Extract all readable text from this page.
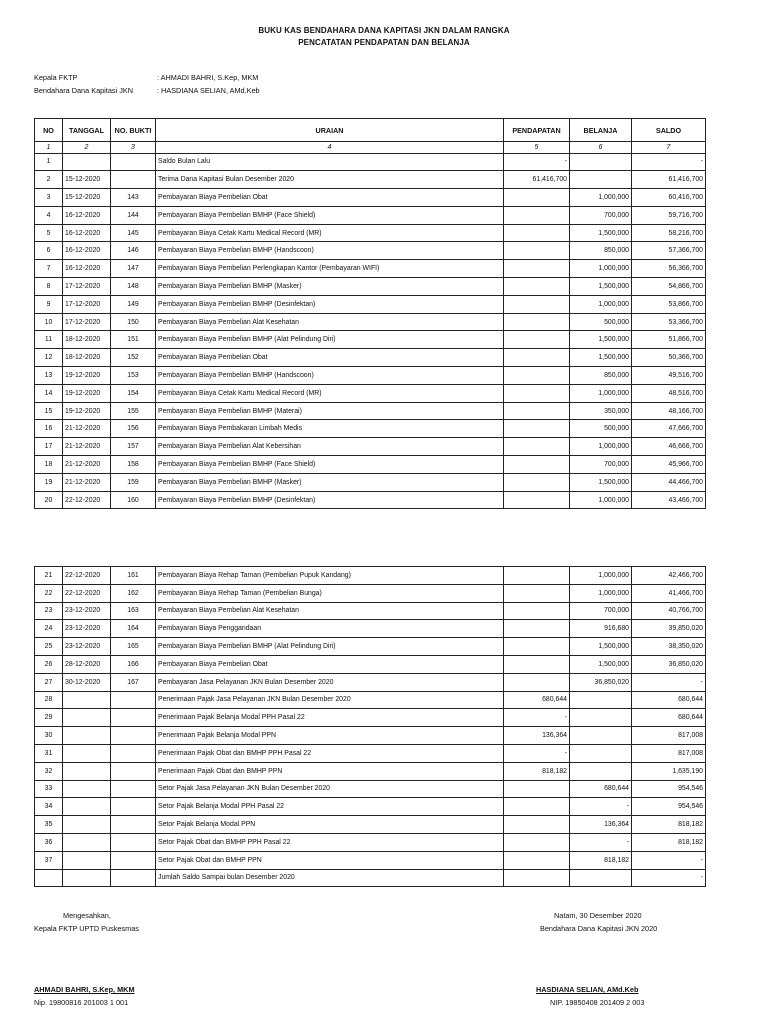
BUKU KAS BENDAHARA DANA KAPITASI JKN DALAM RANGKA
PENCATATAN PENDAPATAN DAN BELANJA
Kepala FKTP	: AHMADI BAHRI, S.Kep, MKM
Bendahara Dana Kapitasi JKN	: HASDIANA SELIAN, AMd.Keb
NO	TANGGAL	NO. BUKTI	URAIAN	PENDAPATAN	BELANJA	SALDO
1	2	3	4	5	6	7
1			Saldo Bulan Lalu	-		-
2	15-12-2020		Terima Dana Kapitasi Bulan Desember 2020	61,416,700		61,416,700
3	15-12-2020	143	Pembayaran Biaya Pembelian Obat		1,000,000	60,416,700
4	16-12-2020	144	Pembayaran Biaya Pembelian BMHP (Face Shield)		700,000	59,716,700
5	16-12-2020	145	Pembayaran Biaya Cetak Kartu Medical Record (MR)		1,500,000	58,216,700
6	16-12-2020	146	Pembayaran Biaya Pembelian BMHP (Handscoon)		850,000	57,366,700
7	16-12-2020	147	Pembayaran Biaya Pembelian Perlengkapan Kantor (Pembayaran WIFI)		1,000,000	56,366,700
8	17-12-2020	148	Pembayaran Biaya Pembelian BMHP (Masker)		1,500,000	54,866,700
9	17-12-2020	149	Pembayaran Biaya Pembelian BMHP (Desinfektan)		1,000,000	53,866,700
10	17-12-2020	150	Pembayaran Biaya Pembelian Alat Kesehatan		500,000	53,366,700
11	18-12-2020	151	Pembayaran Biaya Pembelian BMHP (Alat Pelindung Diri)		1,500,000	51,866,700
12	18-12-2020	152	Pembayaran Biaya Pembelian Obat		1,500,000	50,366,700
13	19-12-2020	153	Pembayaran Biaya Pembelian BMHP (Handscoon)		850,000	49,516,700
14	19-12-2020	154	Pembayaran Biaya Cetak Kartu Medical Record (MR)		1,000,000	48,516,700
15	19-12-2020	155	Pembayaran Biaya Pembelian BMHP (Materai)		350,000	48,166,700
16	21-12-2020	156	Pembayaran Biaya Pembakaran Limbah Medis		500,000	47,666,700
17	21-12-2020	157	Pembayaran Biaya Pembelian Alat Kebersihan		1,000,000	46,666,700
18	21-12-2020	158	Pembayaran Biaya Pembelian BMHP (Face Shield)		700,000	45,966,700
19	21-12-2020	159	Pembayaran Biaya Pembelian BMHP (Masker)		1,500,000	44,466,700
20	22-12-2020	160	Pembayaran Biaya Pembelian BMHP (Desinfektan)		1,000,000	43,466,700
21	22-12-2020	161	Pembayaran Biaya Rehap Taman (Pembelian Pupuk Kandang)		1,000,000	42,466,700
22	22-12-2020	162	Pembayaran Biaya Rehap Taman (Pembelian Bunga)		1,000,000	41,466,700
23	23-12-2020	163	Pembayaran Biaya Pembelian Alat Kesehatan		700,000	40,766,700
24	23-12-2020	164	Pembayaran Biaya Penggandaan		916,680	39,850,020
25	23-12-2020	165	Pembayaran Biaya Pembelian BMHP (Alat Pelindung Diri)		1,500,000	38,350,020
26	28-12-2020	166	Pembayaran Biaya Pembelian Obat		1,500,000	36,850,020
27	30-12-2020	167	Pembayaran Jasa Pelayanan JKN Bulan Desember 2020		36,850,020	-
28			Penerimaan Pajak Jasa Pelayanan JKN Bulan Desember 2020	680,644		680,644
29			Penerimaan Pajak Belanja Modal PPH Pasal 22	-		680,644
30			Penerimaan Pajak Belanja Modal PPN	136,364		817,008
31			Penerimaan Pajak Obat dan BMHP PPH Pasal 22	-		817,008
32			Penerimaan Pajak Obat dan BMHP PPN	818,182		1,635,190
33			Setor Pajak Jasa Pelayanan JKN Bulan Desember 2020		680,644	954,546
34			Setor Pajak Belanja Modal PPH Pasal 22		-	954,546
35			Setor Pajak Belanja Modal PPN		136,364	818,182
36			Setor Pajak Obat dan BMHP PPH Pasal 22		-	818,182
37			Setor Pajak Obat dan BMHP PPN		818,182	-
			Jumlah Saldo Sampai bulan Desember 2020			-
Mengesahkan,
Kepala FKTP UPTD Puskesmas
AHMADI BAHRI, S.Kep, MKM
Nip. 19800816 201003 1 001
Natam, 30 Desember 2020
Bendahara Dana Kapitasi JKN 2020
HASDIANA SELIAN, AMd.Keb
NIP. 19850408 201409 2 003
